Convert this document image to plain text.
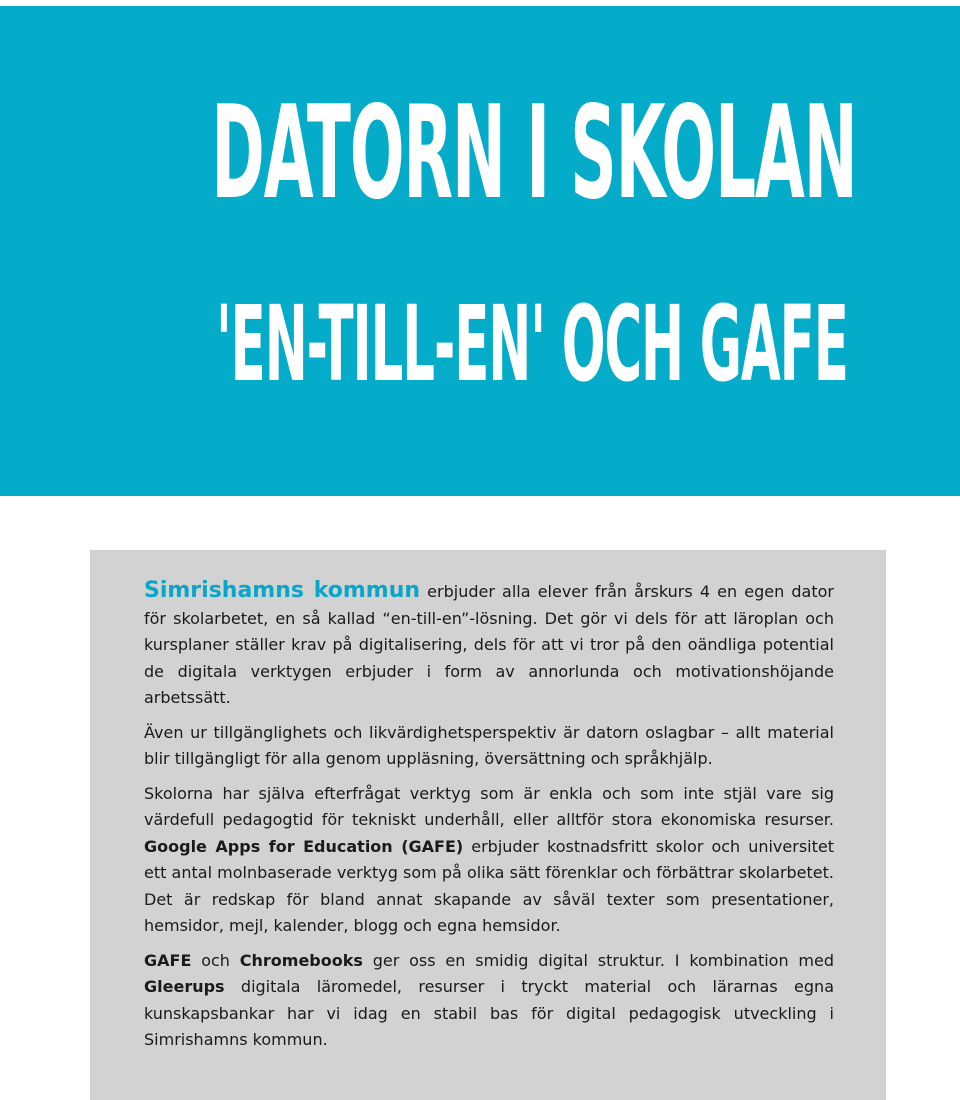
DATORN I SKOLAN
'EN-TILL-EN' OCH GAFE

Simrishamns kommun erbjuder alla elever från årskurs 4 en egen dator för skolarbetet, en så kallad “en-till-en”-lösning. Det gör vi dels för att läroplan och kursplaner ställer krav på digitalisering, dels för att vi tror på den oändliga potential de digitala verktygen erbjuder i form av annorlunda och motivationshöjande arbetssätt.

Även ur tillgänglighets och likvärdighetsperspektiv är datorn oslagbar – allt material blir tillgängligt för alla genom uppläsning, översättning och språkhjälp.

Skolorna har själva efterfrågat verktyg som är enkla och som inte stjäl vare sig värdefull pedagogtid för tekniskt underhåll, eller alltför stora ekonomiska resurser. Google Apps for Education (GAFE) erbjuder kostnadsfritt skolor och universitet ett antal molnbaserade verktyg som på olika sätt förenklar och förbättrar skolarbetet. Det är redskap för bland annat skapande av såväl texter som presentationer, hemsidor, mejl, kalender, blogg och egna hemsidor.

GAFE och Chromebooks ger oss en smidig digital struktur. I kombination med Gleerups digitala läromedel, resurser i tryckt material och lärarnas egna kunskapsbankar har vi idag en stabil bas för digital pedagogisk utveckling i Simrishamns kommun.
